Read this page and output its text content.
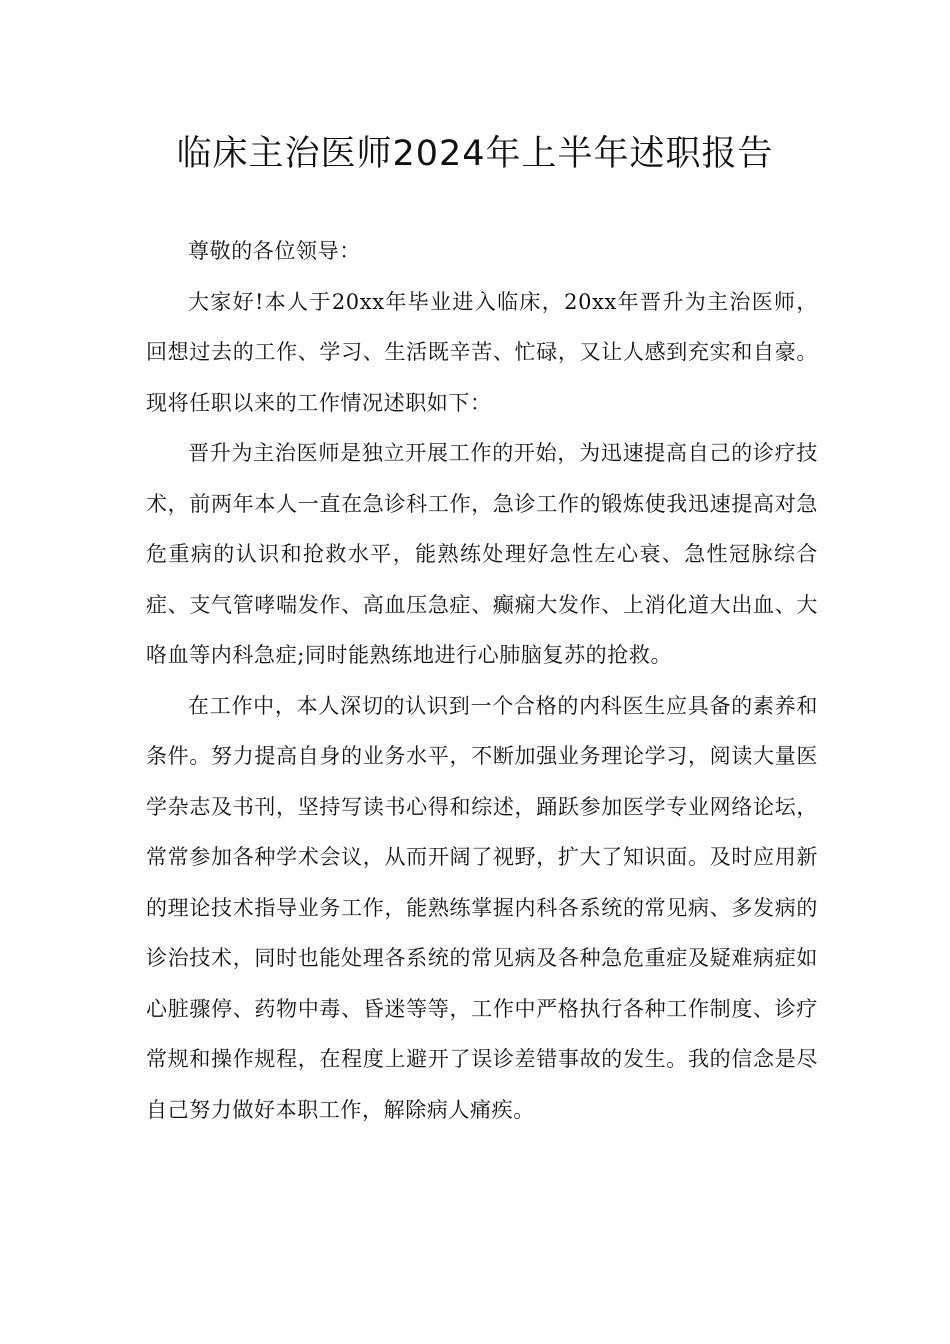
临床主治医师2024年上半年述职报告

尊敬的各位领导：

大家好!本人于20xx年毕业进入临床，20xx年晋升为主治医师，回想过去的工作、学习、生活既辛苦、忙碌，又让人感到充实和自豪。现将任职以来的工作情况述职如下：

晋升为主治医师是独立开展工作的开始，为迅速提高自己的诊疗技术，前两年本人一直在急诊科工作，急诊工作的锻炼使我迅速提高对急危重病的认识和抢救水平，能熟练处理好急性左心衰、急性冠脉综合症、支气管哮喘发作、高血压急症、癫痫大发作、上消化道大出血、大咯血等内科急症;同时能熟练地进行心肺脑复苏的抢救。

在工作中，本人深切的认识到一个合格的内科医生应具备的素养和条件。努力提高自身的业务水平，不断加强业务理论学习，阅读大量医学杂志及书刊，坚持写读书心得和综述，踊跃参加医学专业网络论坛，常常参加各种学术会议，从而开阔了视野，扩大了知识面。及时应用新的理论技术指导业务工作，能熟练掌握内科各系统的常见病、多发病的诊治技术，同时也能处理各系统的常见病及各种急危重症及疑难病症如心脏骤停、药物中毒、昏迷等等，工作中严格执行各种工作制度、诊疗常规和操作规程，在程度上避开了误诊差错事故的发生。我的信念是尽自己努力做好本职工作，解除病人痛疾。
